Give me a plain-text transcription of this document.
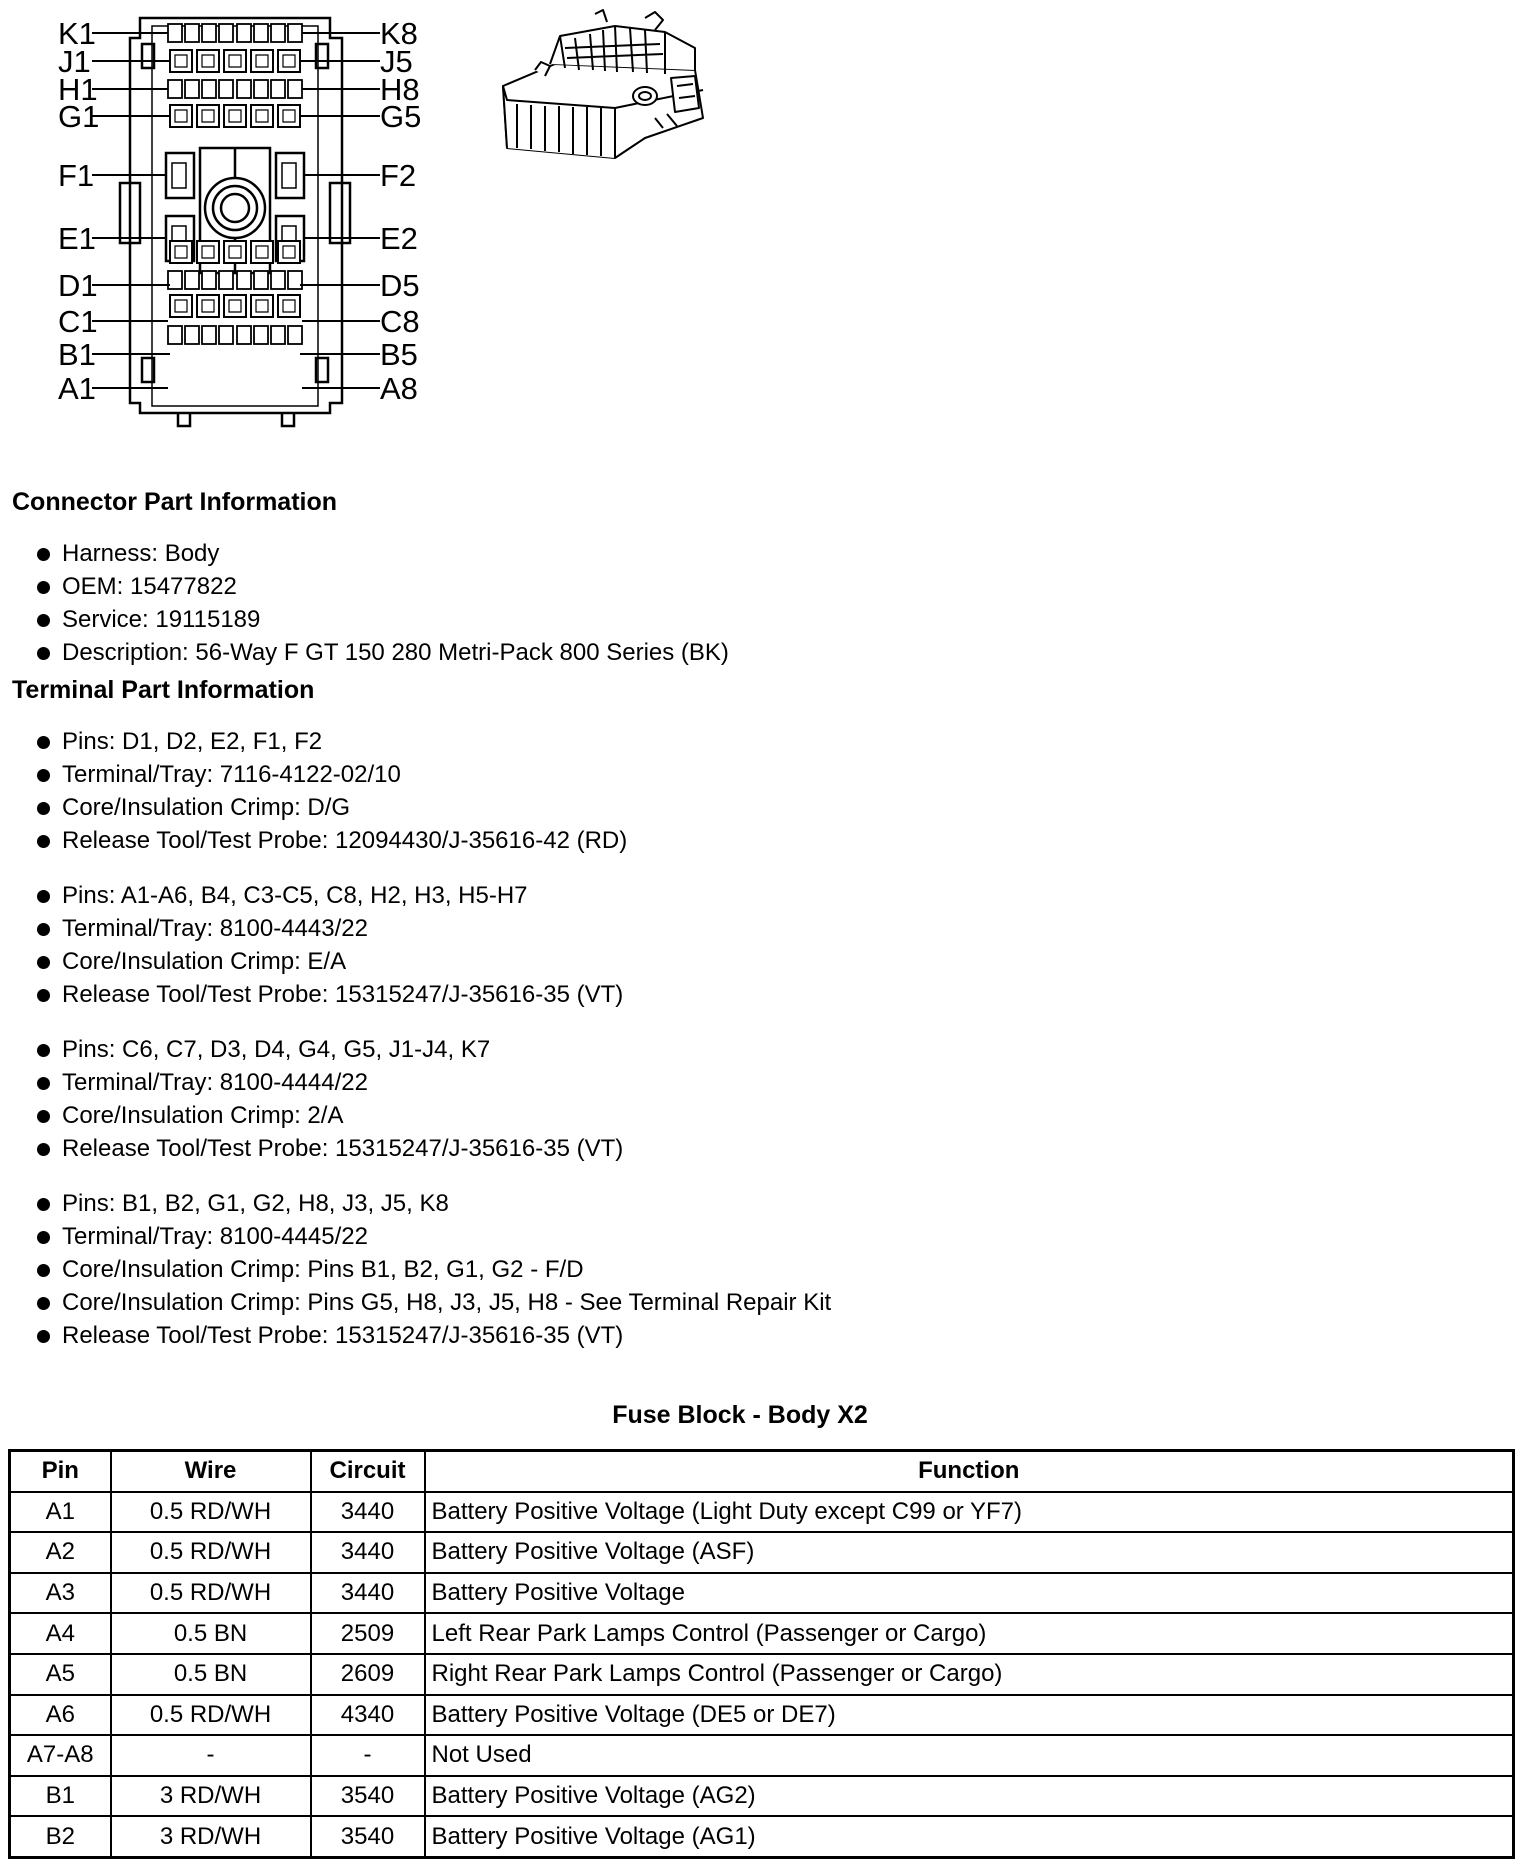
K1
J1
H1
G1
F1
E1
D1
C1
B1
A1
K8
J5
H8
G5
F2
E2
D5
C8
B5
A8
Connector Part Information
Harness: Body
OEM: 15477822
Service: 19115189
Description: 56-Way F GT 150 280 Metri-Pack 800 Series (BK)
Terminal Part Information
Pins: D1, D2, E2, F1, F2
Terminal/Tray: 7116-4122-02/10
Core/Insulation Crimp: D/G
Release Tool/Test Probe: 12094430/J-35616-42 (RD)
Pins: A1-A6, B4, C3-C5, C8, H2, H3, H5-H7
Terminal/Tray: 8100-4443/22
Core/Insulation Crimp: E/A
Release Tool/Test Probe: 15315247/J-35616-35 (VT)
Pins: C6, C7, D3, D4, G4, G5, J1-J4, K7
Terminal/Tray: 8100-4444/22
Core/Insulation Crimp: 2/A
Release Tool/Test Probe: 15315247/J-35616-35 (VT)
Pins: B1, B2, G1, G2, H8, J3, J5, K8
Terminal/Tray: 8100-4445/22
Core/Insulation Crimp: Pins B1, B2, G1, G2 - F/D
Core/Insulation Crimp: Pins G5, H8, J3, J5, H8 - See Terminal Repair Kit
Release Tool/Test Probe: 15315247/J-35616-35 (VT)
Fuse Block - Body X2
Pin	Wire	Circuit	Function
A1	0.5 RD/WH	3440	Battery Positive Voltage (Light Duty except C99 or YF7)
A2	0.5 RD/WH	3440	Battery Positive Voltage (ASF)
A3	0.5 RD/WH	3440	Battery Positive Voltage
A4	0.5 BN	2509	Left Rear Park Lamps Control (Passenger or Cargo)
A5	0.5 BN	2609	Right Rear Park Lamps Control (Passenger or Cargo)
A6	0.5 RD/WH	4340	Battery Positive Voltage (DE5 or DE7)
A7-A8	-	-	Not Used
B1	3 RD/WH	3540	Battery Positive Voltage (AG2)
B2	3 RD/WH	3540	Battery Positive Voltage (AG1)
